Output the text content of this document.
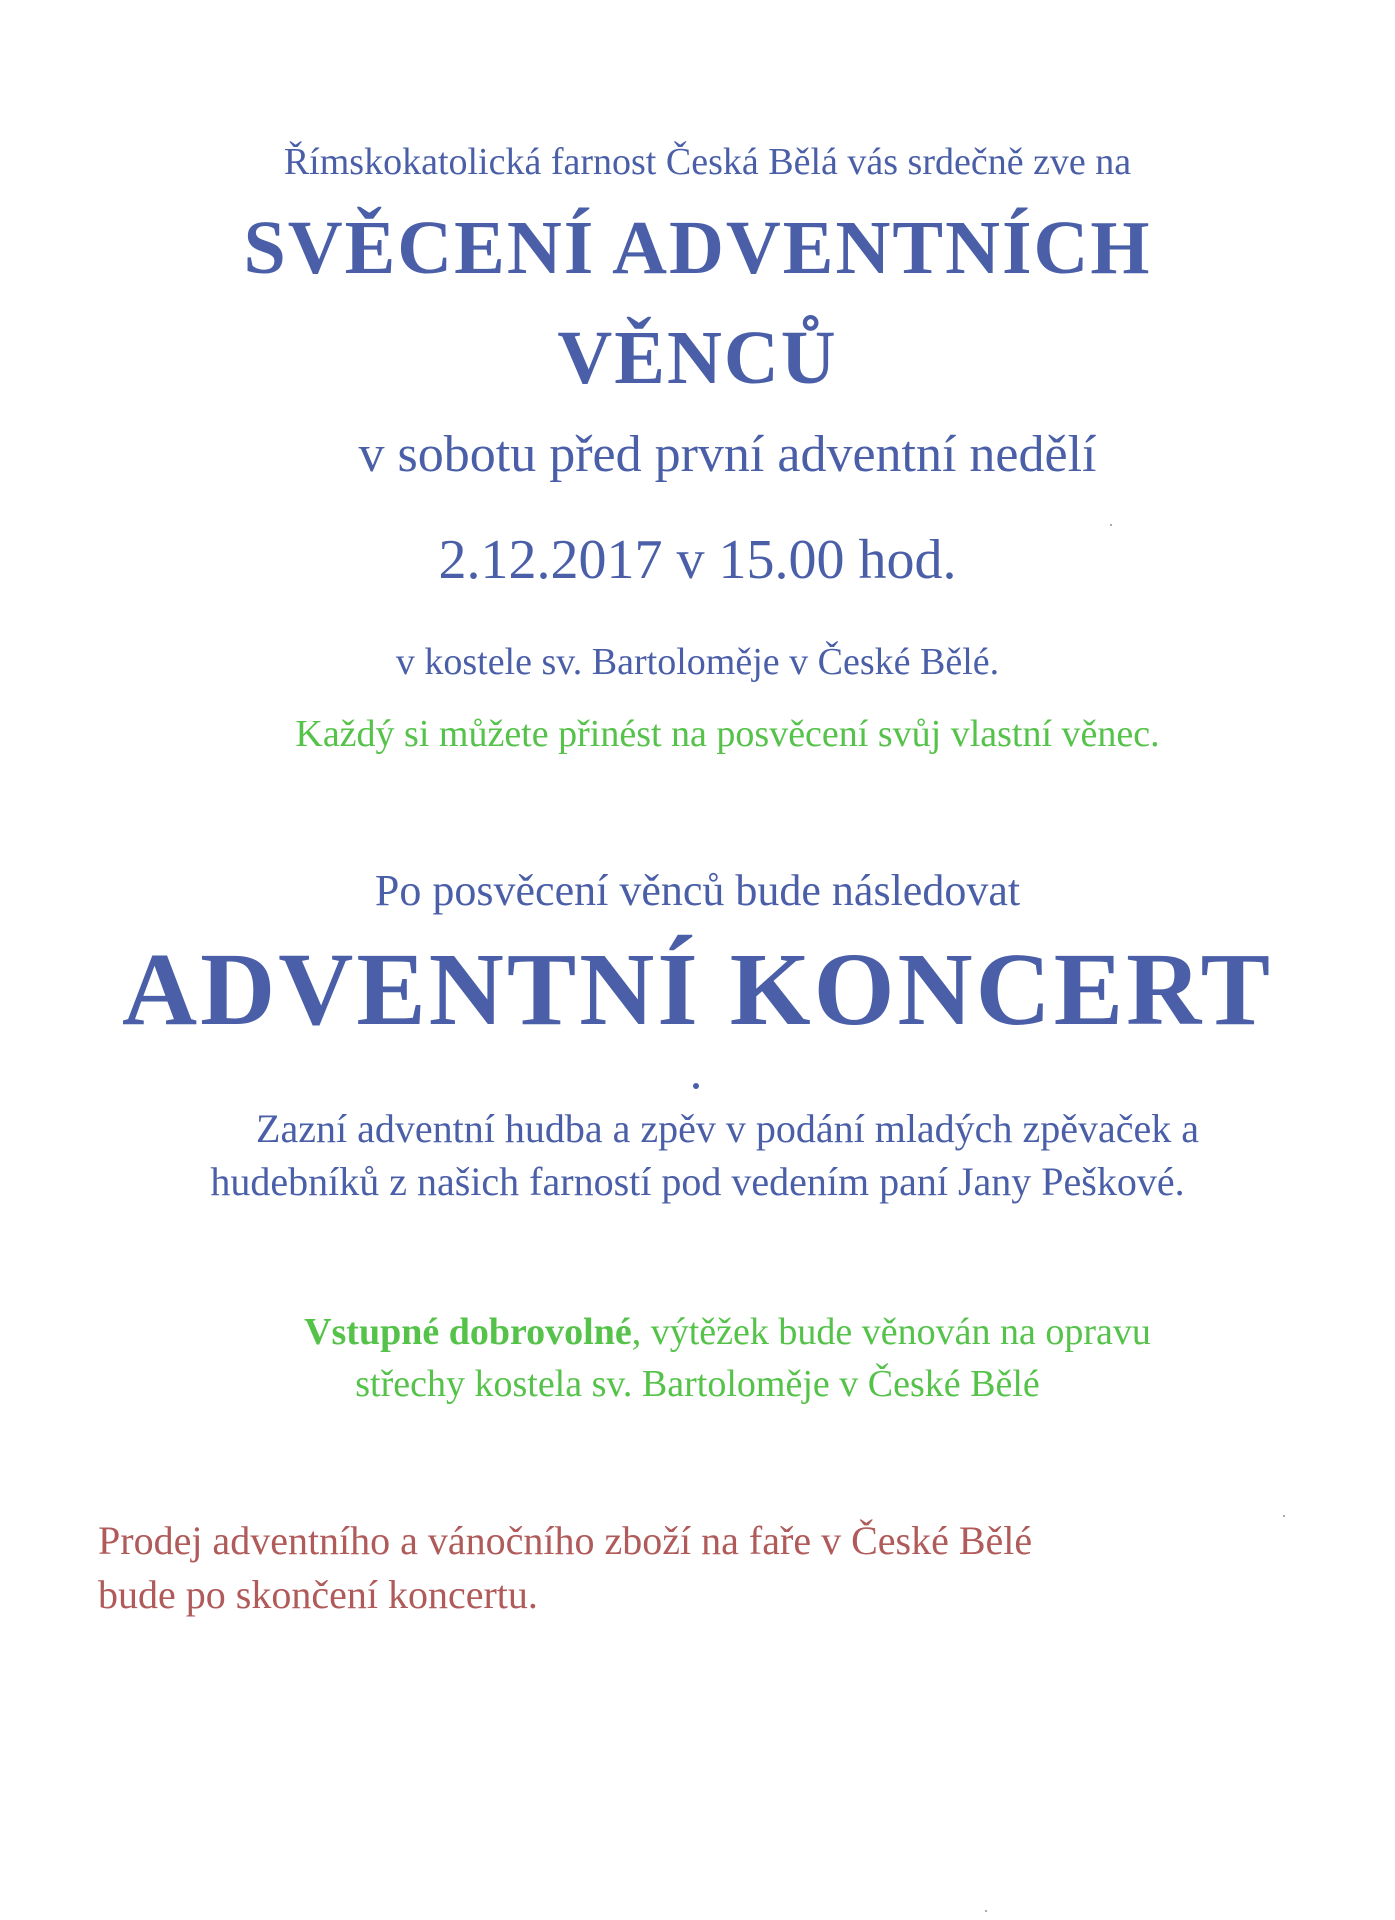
Římskokatolická farnost Česká Bělá vás srdečně zve na

SVĚCENÍ ADVENTNÍCH

VĚNCŮ

v sobotu před první adventní nedělí

2.12.2017 v 15.00 hod.

v kostele sv. Bartoloměje v České Bělé.

Každý si můžete přinést na posvěcení svůj vlastní věnec.

Po posvěcení věnců bude následovat

ADVENTNÍ KONCERT

Zazní adventní hudba a zpěv v podání mladých zpěvaček a

hudebníků z našich farností pod vedením paní Jany Peškové.

Vstupné dobrovolné, výtěžek bude věnován na opravu

střechy kostela sv. Bartoloměje v České Bělé

Prodej adventního a vánočního zboží na faře v České Bělé

bude po skončení koncertu.
